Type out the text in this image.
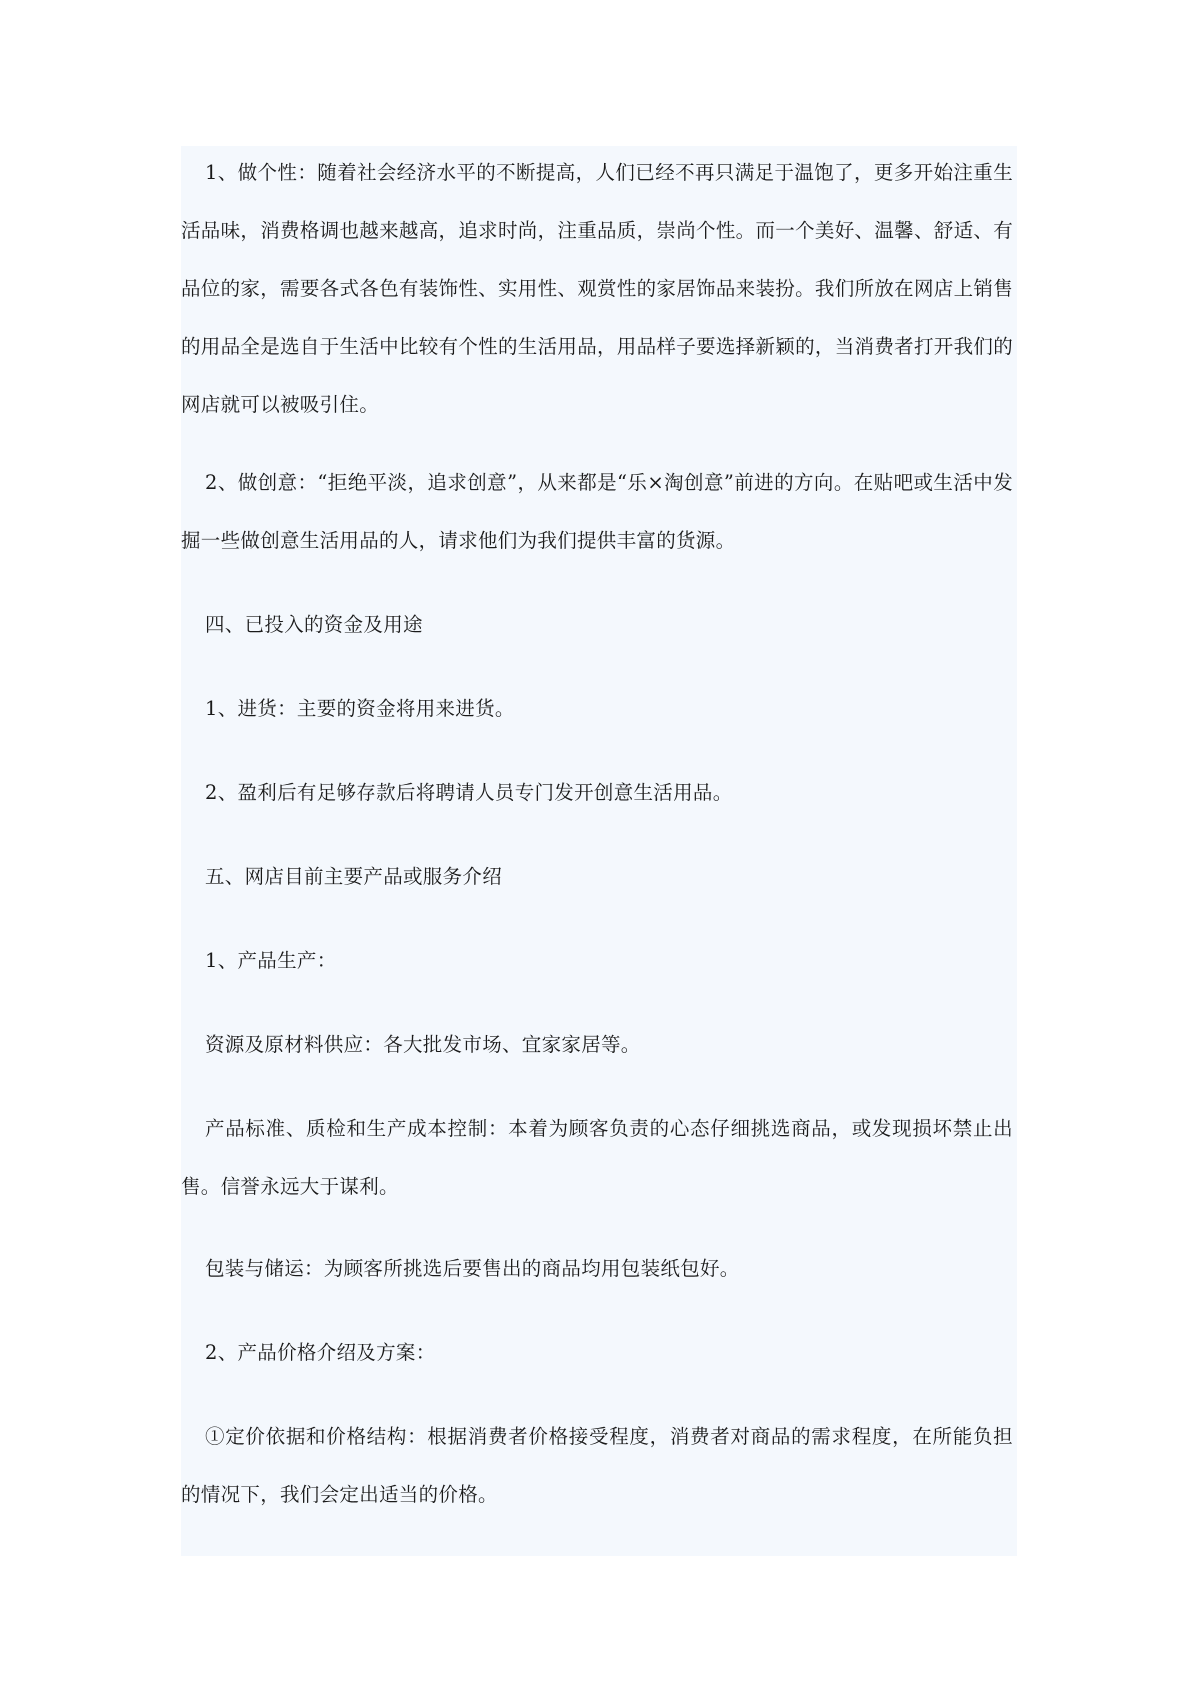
1、做个性：随着社会经济水平的不断提高，人们已经不再只满足于温饱了，更多开始注重生活品味，消费格调也越来越高，追求时尚，注重品质，崇尚个性。而一个美好、温馨、舒适、有品位的家，需要各式各色有装饰性、实用性、观赏性的家居饰品来装扮。我们所放在网店上销售的用品全是选自于生活中比较有个性的生活用品，用品样子要选择新颖的，当消费者打开我们的网店就可以被吸引住。

2、做创意：“拒绝平淡，追求创意”，从来都是“乐×淘创意”前进的方向。在贴吧或生活中发掘一些做创意生活用品的人，请求他们为我们提供丰富的货源。

四、已投入的资金及用途

1、进货：主要的资金将用来进货。

2、盈利后有足够存款后将聘请人员专门发开创意生活用品。

五、网店目前主要产品或服务介绍

1、产品生产：

资源及原材料供应：各大批发市场、宜家家居等。

产品标准、质检和生产成本控制：本着为顾客负责的心态仔细挑选商品，或发现损坏禁止出售。信誉永远大于谋利。

包装与储运：为顾客所挑选后要售出的商品均用包装纸包好。

2、产品价格介绍及方案：

①定价依据和价格结构：根据消费者价格接受程度，消费者对商品的需求程度，在所能负担的情况下，我们会定出适当的价格。
